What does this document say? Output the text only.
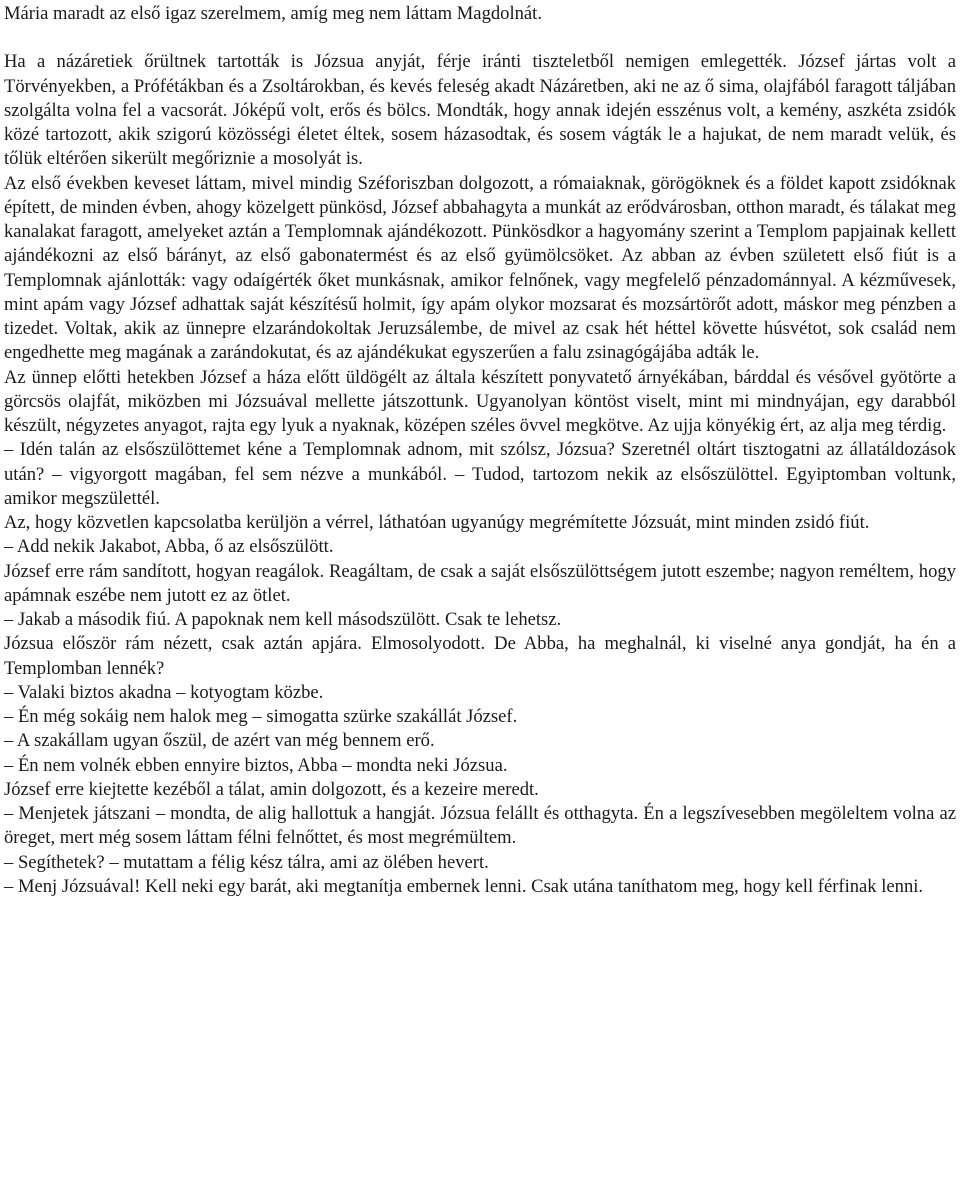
Mária maradt az első igaz szerelmem, amíg meg nem láttam Magdolnát.

Ha a názáretiek őrültnek tartották is Józsua anyját, férje iránti tiszteletből nemigen emlegették. József jártas volt a Törvényekben, a Prófétákban és a Zsoltárokban, és kevés feleség akadt Názáretben, aki ne az ő sima, olajfából faragott táljában szolgálta volna fel a vacsorát. Jóképű volt, erős és bölcs. Mondták, hogy annak idején esszénus volt, a kemény, aszkéta zsidók közé tartozott, akik szigorú közösségi életet éltek, sosem házasodtak, és sosem vágták le a hajukat, de nem maradt velük, és tőlük eltérően sikerült megőriznie a mosolyát is.

Az első években keveset láttam, mivel mindig Széforiszban dolgozott, a rómaiaknak, görögöknek és a földet kapott zsidóknak épített, de minden évben, ahogy közelgett pünkösd, József abbahagyta a munkát az erődvárosban, otthon maradt, és tálakat meg kanalakat faragott, amelyeket aztán a Templomnak ajándékozott. Pünkösdkor a hagyomány szerint a Templom papjainak kellett ajándékozni az első bárányt, az első gabonatermést és az első gyümölcsöket. Az abban az évben született első fiút is a Templomnak ajánlották: vagy odaígérték őket munkásnak, amikor felnőnek, vagy megfelelő pénzadománnyal. A kézművesek, mint apám vagy József adhattak saját készítésű holmit, így apám olykor mozsarat és mozsártörőt adott, máskor meg pénzben a tizedet. Voltak, akik az ünnepre elzarándokoltak Jeruzsálembe, de mivel az csak hét héttel követte húsvétot, sok család nem engedhette meg magának a zarándokutat, és az ajándékukat egyszerűen a falu zsinagógájába adták le.

Az ünnep előtti hetekben József a háza előtt üldögélt az általa készített ponyvatető árnyékában, bárddal és vésővel gyötörte a görcsös olajfát, miközben mi Józsuával mellette játszottunk. Ugyanolyan köntöst viselt, mint mi mindnyájan, egy darabból készült, négyzetes anyagot, rajta egy lyuk a nyaknak, középen széles övvel megkötve. Az ujja könyékig ért, az alja meg térdig.

– Idén talán az elsőszülöttemet kéne a Templomnak adnom, mit szólsz, Józsua? Szeretnél oltárt tisztogatni az állatáldozások után? – vigyorgott magában, fel sem nézve a munkából. – Tudod, tartozom nekik az elsőszülöttel. Egyiptomban voltunk, amikor megszülettél.

Az, hogy közvetlen kapcsolatba kerüljön a vérrel, láthatóan ugyanúgy megrémítette Józsuát, mint minden zsidó fiút.

– Add nekik Jakabot, Abba, ő az elsőszülött.

József erre rám sandított, hogyan reagálok. Reagáltam, de csak a saját elsőszülöttségem jutott eszembe; nagyon reméltem, hogy apámnak eszébe nem jutott ez az ötlet.

– Jakab a második fiú. A papoknak nem kell másodszülött. Csak te lehetsz.

Józsua először rám nézett, csak aztán apjára. Elmosolyodott. De Abba, ha meghalnál, ki viselné anya gondját, ha én a Templomban lennék?

– Valaki biztos akadna – kotyogtam közbe.

– Én még sokáig nem halok meg – simogatta szürke szakállát József.

– A szakállam ugyan őszül, de azért van még bennem erő.

– Én nem volnék ebben ennyire biztos, Abba – mondta neki Józsua.

József erre kiejtette kezéből a tálat, amin dolgozott, és a kezeire meredt.

– Menjetek játszani – mondta, de alig hallottuk a hangját. Józsua felállt és otthagyta. Én a legszívesebben megöleltem volna az öreget, mert még sosem láttam félni felnőttet, és most megrémültem.

– Segíthetek? – mutattam a félig kész tálra, ami az ölében hevert.

– Menj Józsuával! Kell neki egy barát, aki megtanítja embernek lenni. Csak utána taníthatom meg, hogy kell férfinak lenni.
